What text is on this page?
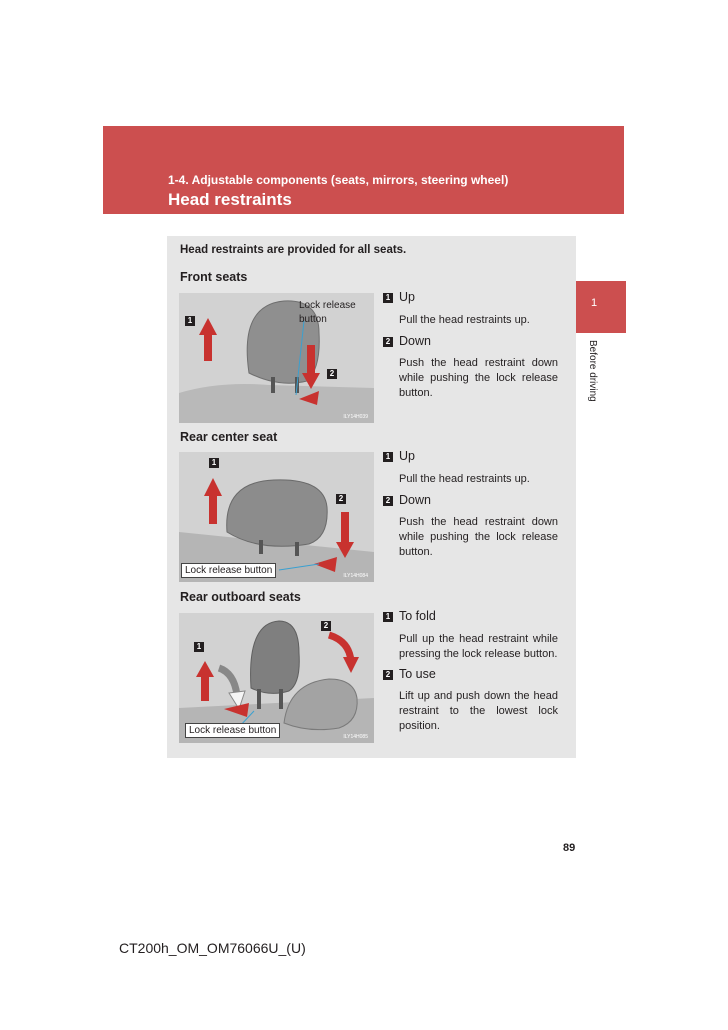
1-4. Adjustable components (seats, mirrors, steering wheel)
Head restraints
1
Before driving
Head restraints are provided for all seats.
Front seats
1
2
Lock release button
ILY14H039
1 Up
Pull the head restraints up.
2 Down
Push the head restraint down while pushing the lock release button.
Rear center seat
1
2
Lock release button	ILY14H084
1 Up
Pull the head restraints up.
2 Down
Push the head restraint down while pushing the lock release button.
Rear outboard seats
1
2
Lock release button
ILY14H085
1 To fold
Pull up the head restraint while pressing the lock release button.
2 To use
Lift up and push down the head restraint to the lowest lock position.
89
CT200h_OM_OM76066U_(U)
